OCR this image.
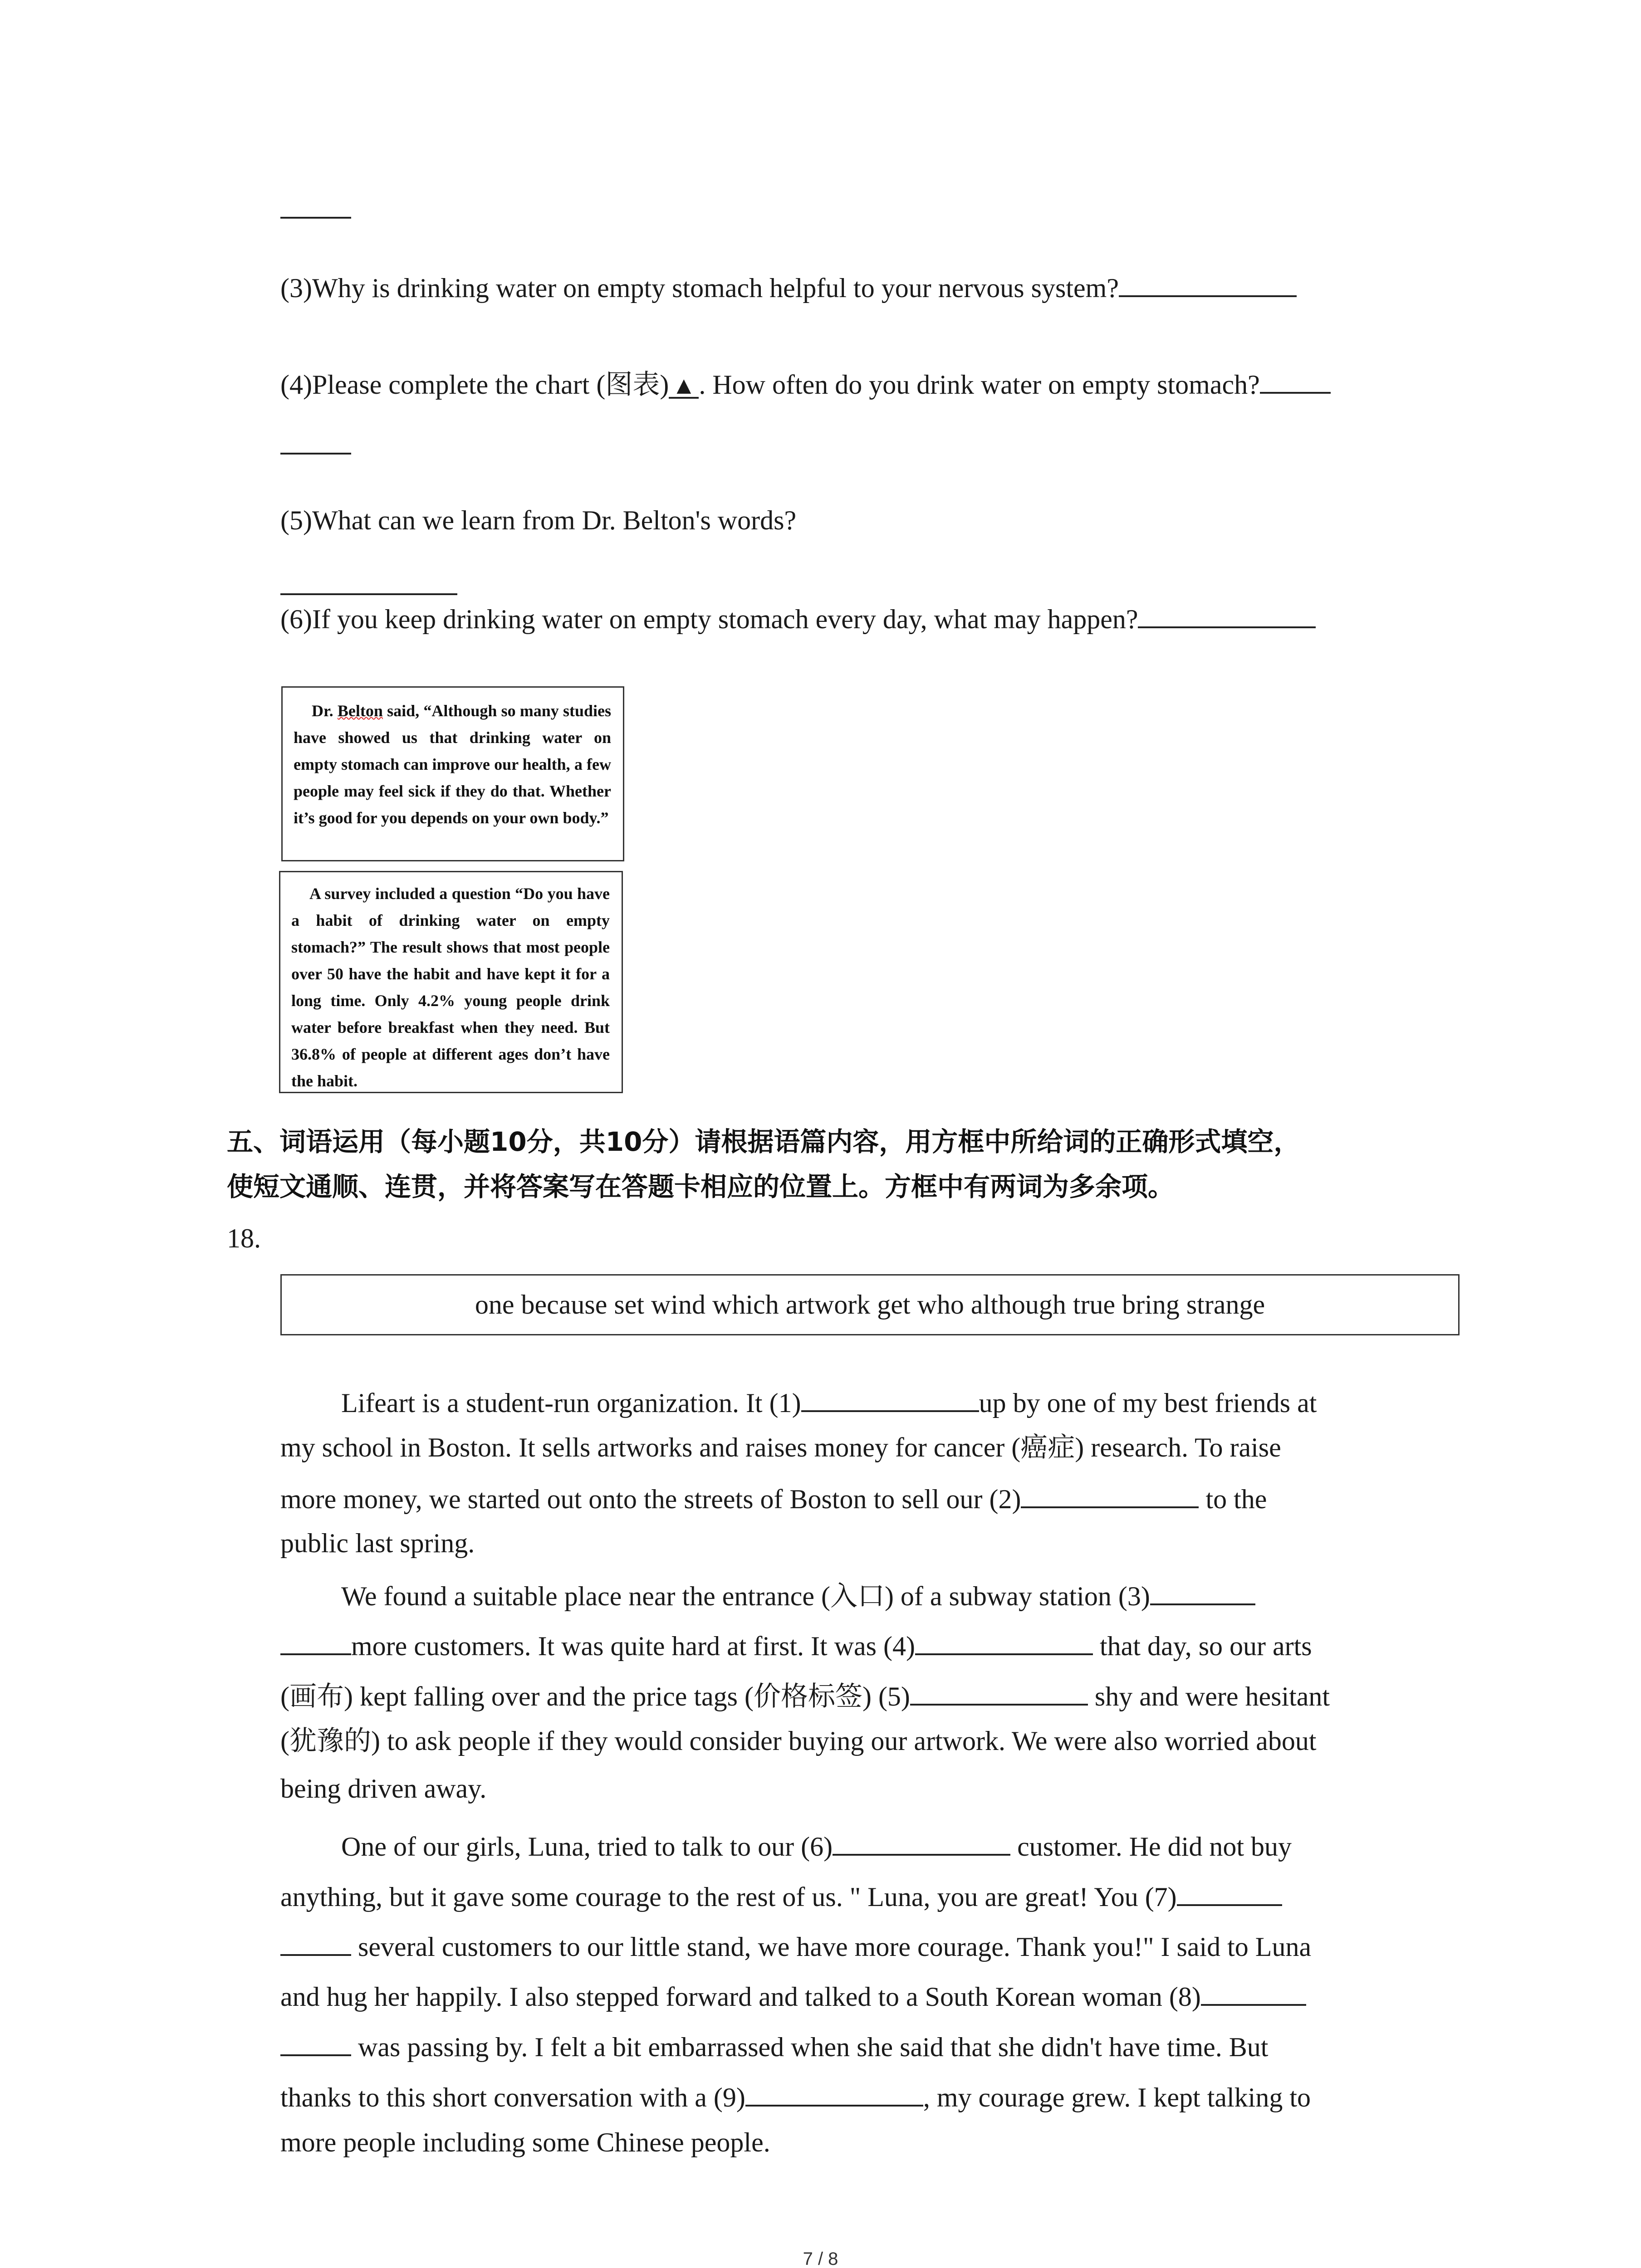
(3)Why is drinking water on empty stomach helpful to your nervous system?
(4)Please complete the chart (图表) ▲ . How often do you drink water on empty stomach?
(5)What can we learn from Dr. Belton's words?
(6)If you keep drinking water on empty stomach every day, what may happen?

Dr. Belton said, “Although so many studies have showed us that drinking water on empty stomach can improve our health, a few people may feel sick if they do that. Whether it’s good for you depends on your own body.”

A survey included a question “Do you have a habit of drinking water on empty stomach?” The result shows that most people over 50 have the habit and have kept it for a long time. Only 4.2% young people drink water before breakfast when they need. But 36.8% of people at different ages don’t have the habit.

五、词语运用（每小题10分，共10分）请根据语篇内容，用方框中所给词的正确形式填空，
使短文通顺、连贯，并将答案写在答题卡相应的位置上。方框中有两词为多余项。
18.
one because set wind which artwork get who although true bring strange
Lifeart is a student-run organization. It (1)	up by one of my best friends at
my school in Boston. It sells artworks and raises money for cancer (癌症) research. To raise
more money, we started out onto the streets of Boston to sell our (2)	to the
public last spring.
We found a suitable place near the entrance (入口) of a subway station (3)
more customers. It was quite hard at first. It was (4)	that day, so our arts
(画布) kept falling over and the price tags (价格标签) (5)	shy and were hesitant
(犹豫的) to ask people if they would consider buying our artwork. We were also worried about
being driven away.
One of our girls, Luna, tried to talk to our (6)	customer. He did not buy
anything, but it gave some courage to the rest of us. " Luna, you are great! You (7)
several customers to our little stand, we have more courage. Thank you!" I said to Luna
and hug her happily. I also stepped forward and talked to a South Korean woman (8)
was passing by. I felt a bit embarrassed when she said that she didn't have time. But
thanks to this short conversation with a (9)	, my courage grew. I kept talking to
more people including some Chinese people.
7 / 8
